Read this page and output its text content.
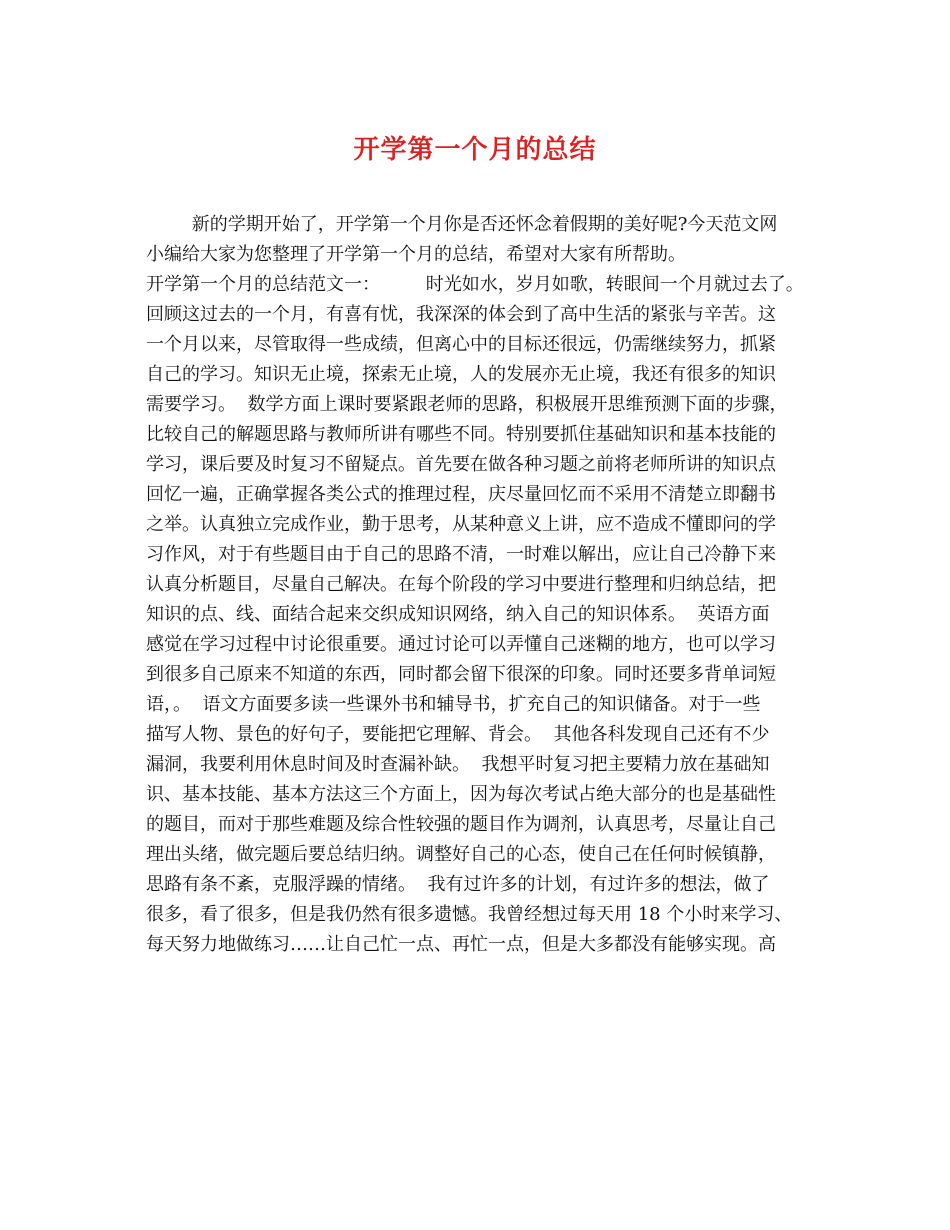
开学第一个月的总结
新的学期开始了，开学第一个月你是否还怀念着假期的美好呢?今天范文网
小编给大家为您整理了开学第一个月的总结，希望对大家有所帮助。
开学第一个月的总结范文一：        时光如水，岁月如歌，转眼间一个月就过去了。
回顾这过去的一个月，有喜有忧，我深深的体会到了高中生活的紧张与辛苦。这
一个月以来，尽管取得一些成绩，但离心中的目标还很远，仍需继续努力，抓紧
自己的学习。知识无止境，探索无止境，人的发展亦无止境，我还有很多的知识
需要学习。  数学方面上课时要紧跟老师的思路，积极展开思维预测下面的步骤，
比较自己的解题思路与教师所讲有哪些不同。特别要抓住基础知识和基本技能的
学习，课后要及时复习不留疑点。首先要在做各种习题之前将老师所讲的知识点
回忆一遍，正确掌握各类公式的推理过程，庆尽量回忆而不采用不清楚立即翻书
之举。认真独立完成作业，勤于思考，从某种意义上讲，应不造成不懂即问的学
习作风，对于有些题目由于自己的思路不清，一时难以解出，应让自己冷静下来
认真分析题目，尽量自己解决。在每个阶段的学习中要进行整理和归纳总结，把
知识的点、线、面结合起来交织成知识网络，纳入自己的知识体系。  英语方面
感觉在学习过程中讨论很重要。通过讨论可以弄懂自己迷糊的地方，也可以学习
到很多自己原来不知道的东西，同时都会留下很深的印象。同时还要多背单词短
语，。  语文方面要多读一些课外书和辅导书，扩充自己的知识储备。对于一些
描写人物、景色的好句子，要能把它理解、背会。  其他各科发现自己还有不少
漏洞，我要利用休息时间及时查漏补缺。  我想平时复习把主要精力放在基础知
识、基本技能、基本方法这三个方面上，因为每次考试占绝大部分的也是基础性
的题目，而对于那些难题及综合性较强的题目作为调剂，认真思考，尽量让自己
理出头绪，做完题后要总结归纳。调整好自己的心态，使自己在任何时候镇静，
思路有条不紊，克服浮躁的情绪。  我有过许多的计划，有过许多的想法，做了
很多，看了很多，但是我仍然有很多遗憾。我曾经想过每天用 18 个小时来学习、
每天努力地做练习……让自己忙一点、再忙一点，但是大多都没有能够实现。高
